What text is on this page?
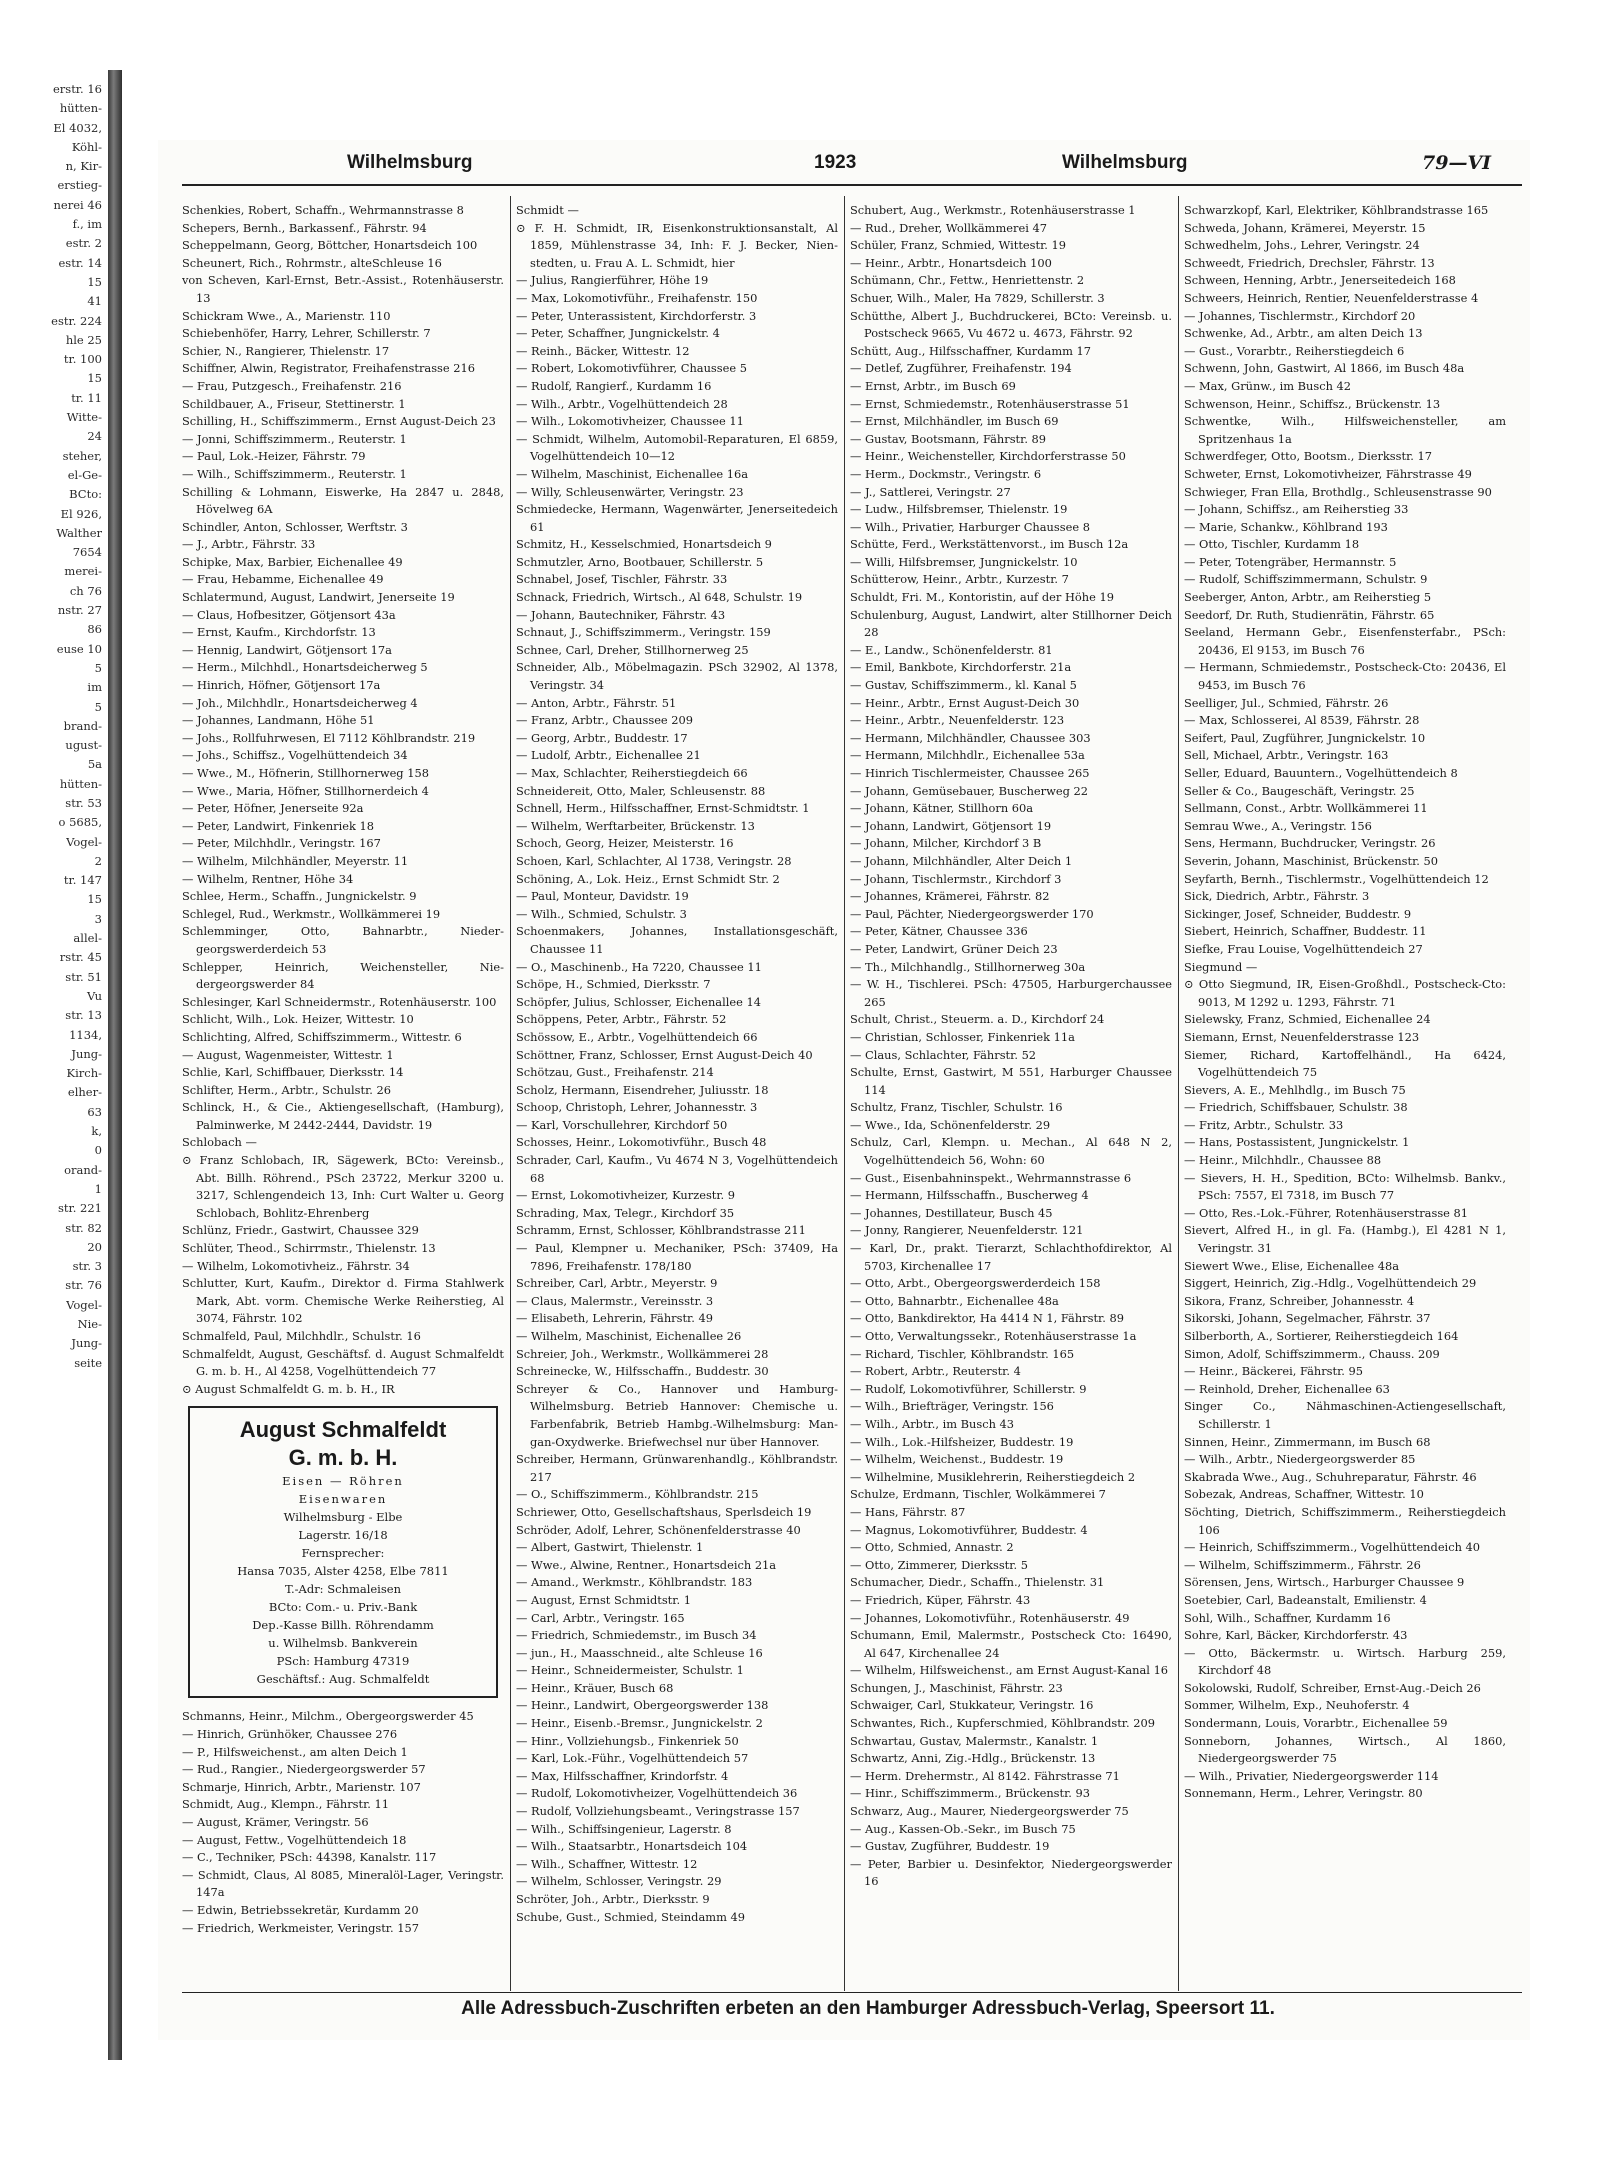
erstr. 16
hütten-
El 4032,
Köhl-
n, Kir-
erstieg-
nerei 46
f., im
estr. 2
estr. 14
15
41
estr. 224
hle 25
tr. 100
15
tr. 11
Witte-
24
steher,
el-Ge-
BCto:
El 926,
Walther
7654
merei-
ch 76
nstr. 27
86
euse 10
5
im
5
brand-
ugust-
5a
hütten-
str. 53
o 5685,
Vogel-
2
tr. 147
15
3
allel-
rstr. 45
str. 51
Vu
str. 13
1134,
Jung-
Kirch-
elher-
63
k,
0
orand-
1
str. 221
str. 82
20
str. 3
str. 76
Vogel-
Nie-
Jung-
seite
Wilhelmsburg	1923	Wilhelmsburg	79—VI
Schenkies, Robert, Schaffn., Wehrmannstrasse 8
Schepers, Bernh., Barkassenf., Fährstr. 94
Scheppelmann, Georg, Böttcher, Honartsdeich 100
Scheunert, Rich., Rohrmstr., alteSchleuse 16
von Scheven, Karl-Ernst, Betr.-Assist., Rotenhäuserstr. 13
Schickram Wwe., A., Marienstr. 110
Schiebenhöfer, Harry, Lehrer, Schillerstr. 7
Schier, N., Rangierer, Thielenstr. 17
Schiffner, Alwin, Registrator, Freihafenstrasse 216
— Frau, Putzgesch., Freihafenstr. 216
Schildbauer, A., Friseur, Stettinerstr. 1
Schilling, H., Schiffszimmerm., Ernst August-Deich 23
— Jonni, Schiffszimmerm., Reuterstr. 1
— Paul, Lok.-Heizer, Fährstr. 79
— Wilh., Schiffszimmerm., Reuterstr. 1
Schilling & Lohmann, Eiswerke, Ha 2847 u. 2848, Hövelweg 6A
Schindler, Anton, Schlosser, Werftstr. 3
— J., Arbtr., Fährstr. 33
Schipke, Max, Barbier, Eichenallee 49
— Frau, Hebamme, Eichenallee 49
Schlatermund, August, Landwirt, Jenerseite 19
— Claus, Hofbesitzer, Götjensort 43a
— Ernst, Kaufm., Kirchdorfstr. 13
— Hennig, Landwirt, Götjensort 17a
— Herm., Milchhdl., Honartsdeicherweg 5
— Hinrich, Höfner, Götjensort 17a
— Joh., Milchhdlr., Honartsdeicherweg 4
— Johannes, Landmann, Höhe 51
— Johs., Rollfuhrwesen, El 7112 Köhlbrandstr. 219
— Johs., Schiffsz., Vogelhüttendeich 34
— Wwe., M., Höfnerin, Stillhornerweg 158
— Wwe., Maria, Höfner, Stillhornerdeich 4
— Peter, Höfner, Jenerseite 92a
— Peter, Landwirt, Finkenriek 18
— Peter, Milchhdlr., Veringstr. 167
— Wilhelm, Milchhändler, Meyerstr. 11
— Wilhelm, Rentner, Höhe 34
Schlee, Herm., Schaffn., Jungnickelstr. 9
Schlegel, Rud., Werkmstr., Wollkämmerei 19
Schlemminger, Otto, Bahnarbtr., Niedergeorgswerderdeich 53
Schlepper, Heinrich, Weichensteller, Niedergeorgswerder 84
Schlesinger, Karl Schneidermstr., Rotenhäuserstr. 100
Schlicht, Wilh., Lok. Heizer, Wittestr. 10
Schlichting, Alfred, Schiffszimmerm., Wittestr. 6
— August, Wagenmeister, Wittestr. 1
Schlie, Karl, Schiffbauer, Dierksstr. 14
Schlifter, Herm., Arbtr., Schulstr. 26
Schlinck, H., & Cie., Aktiengesellschaft, (Hamburg), Palminwerke, M 2442-2444, Davidstr. 19
Schlobach —
⊙ Franz Schlobach, IR, Sägewerk, BCto: Vereinsb., Abt. Billh. Röhrend., PSch 23722, Merkur 3200 u. 3217, Schlengendeich 13, Inh: Curt Walter u. Georg Schlobach, Bohlitz-Ehrenberg
Schlünz, Friedr., Gastwirt, Chaussee 329
Schlüter, Theod., Schirrmstr., Thielenstr. 13
— Wilhelm, Lokomotivheiz., Fährstr. 34
Schlutter, Kurt, Kaufm., Direktor d. Firma Stahlwerk Mark, Abt. vorm. Chemische Werke Reiherstieg, Al 3074, Fährstr. 102
Schmalfeld, Paul, Milchhdlr., Schulstr. 16
Schmalfeldt, August, Geschäftsf. d. August Schmalfeldt G. m. b. H., Al 4258, Vogelhüttendeich 77
⊙ August Schmalfeldt G. m. b. H., IR
August Schmalfeldt
G. m. b. H.
Eisen — Röhren
Eisenwaren
Wilhelmsburg - Elbe
Lagerstr. 16/18
Fernsprecher:
Hansa 7035, Alster 4258, Elbe 7811
T.-Adr: Schmaleisen
BCto: Com.- u. Priv.-Bank
Dep.-Kasse Billh. Röhrendamm
u. Wilhelmsb. Bankverein
PSch: Hamburg 47319
Geschäftsf.: Aug. Schmalfeldt
Schmanns, Heinr., Milchm., Obergeorgswerder 45
— Hinrich, Grünhöker, Chaussee 276
— P., Hilfsweichenst., am alten Deich 1
— Rud., Rangier., Niedergeorgswerder 57
Schmarje, Hinrich, Arbtr., Marienstr. 107
Schmidt, Aug., Klempn., Fährstr. 11
— August, Krämer, Veringstr. 56
— August, Fettw., Vogelhüttendeich 18
— C., Techniker, PSch: 44398, Kanalstr. 117
— Schmidt, Claus, Al 8085, Mineralöl-Lager, Veringstr. 147a
— Edwin, Betriebssekretär, Kurdamm 20
— Friedrich, Werkmeister, Veringstr. 157
Schmidt —
⊙ F. H. Schmidt, IR, Eisenkonstruktionsanstalt, Al 1859, Mühlenstrasse 34, Inh: F. J. Becker, Nienstedten, u. Frau A. L. Schmidt, hier
— Julius, Rangierführer, Höhe 19
— Max, Lokomotivführ., Freihafenstr. 150
— Peter, Unterassistent, Kirchdorferstr. 3
— Peter, Schaffner, Jungnickelstr. 4
— Reinh., Bäcker, Wittestr. 12
— Robert, Lokomotivführer, Chaussee 5
— Rudolf, Rangierf., Kurdamm 16
— Wilh., Arbtr., Vogelhüttendeich 28
— Wilh., Lokomotivheizer, Chaussee 11
— Schmidt, Wilhelm, Automobil-Reparaturen, El 6859, Vogelhüttendeich 10—12
— Wilhelm, Maschinist, Eichenallee 16a
— Willy, Schleusenwärter, Veringstr. 23
Schmiedecke, Hermann, Wagenwärter, Jenerseitedeich 61
Schmitz, H., Kesselschmied, Honartsdeich 9
Schmutzler, Arno, Bootbauer, Schillerstr. 5
Schnabel, Josef, Tischler, Fährstr. 33
Schnack, Friedrich, Wirtsch., Al 648, Schulstr. 19
— Johann, Bautechniker, Fährstr. 43
Schnaut, J., Schiffszimmerm., Veringstr. 159
Schnee, Carl, Dreher, Stillhornerweg 25
Schneider, Alb., Möbelmagazin. PSch 32902, Al 1378, Veringstr. 34
— Anton, Arbtr., Fährstr. 51
— Franz, Arbtr., Chaussee 209
— Georg, Arbtr., Buddestr. 17
— Ludolf, Arbtr., Eichenallee 21
— Max, Schlachter, Reiherstiegdeich 66
Schneidereit, Otto, Maler, Schleusenstr. 88
Schnell, Herm., Hilfsschaffner, Ernst-Schmidtstr. 1
— Wilhelm, Werftarbeiter, Brückenstr. 13
Schoch, Georg, Heizer, Meisterstr. 16
Schoen, Karl, Schlachter, Al 1738, Veringstr. 28
Schöning, A., Lok. Heiz., Ernst Schmidt Str. 2
— Paul, Monteur, Davidstr. 19
— Wilh., Schmied, Schulstr. 3
Schoenmakers, Johannes, Installationsgeschäft, Chaussee 11
— O., Maschinenb., Ha 7220, Chaussee 11
Schöpe, H., Schmied, Dierksstr. 7
Schöpfer, Julius, Schlosser, Eichenallee 14
Schöppens, Peter, Arbtr., Fährstr. 52
Schössow, E., Arbtr., Vogelhüttendeich 66
Schöttner, Franz, Schlosser, Ernst August-Deich 40
Schötzau, Gust., Freihafenstr. 214
Scholz, Hermann, Eisendreher, Juliusstr. 18
Schoop, Christoph, Lehrer, Johannesstr. 3
— Karl, Vorschullehrer, Kirchdorf 50
Schosses, Heinr., Lokomotivführ., Busch 48
Schrader, Carl, Kaufm., Vu 4674 N 3, Vogelhüttendeich 68
— Ernst, Lokomotivheizer, Kurzestr. 9
Schrading, Max, Telegr., Kirchdorf 35
Schramm, Ernst, Schlosser, Köhlbrandstrasse 211
— Paul, Klempner u. Mechaniker, PSch: 37409, Ha 7896, Freihafenstr. 178/180
Schreiber, Carl, Arbtr., Meyerstr. 9
— Claus, Malermstr., Vereinsstr. 3
— Elisabeth, Lehrerin, Fährstr. 49
— Wilhelm, Maschinist, Eichenallee 26
Schreier, Joh., Werkmstr., Wollkämmerei 28
Schreinecke, W., Hilfsschaffn., Buddestr. 30
Schreyer & Co., Hannover und Hamburg-Wilhelmsburg. Betrieb Hannover: Chemische u. Farbenfabrik, Betrieb Hambg.-Wilhelmsburg: Mangan-Oxydwerke. Briefwechsel nur über Hannover.
Schreiber, Hermann, Grünwarenhandlg., Köhlbrandstr. 217
— O., Schiffszimmerm., Köhlbrandstr. 215
Schriewer, Otto, Gesellschaftshaus, Sperlsdeich 19
Schröder, Adolf, Lehrer, Schönenfelderstrasse 40
— Albert, Gastwirt, Thielenstr. 1
— Wwe., Alwine, Rentner., Honartsdeich 21a
— Amand., Werkmstr., Köhlbrandstr. 183
— August, Ernst Schmidtstr. 1
— Carl, Arbtr., Veringstr. 165
— Friedrich, Schmiedemstr., im Busch 34
— jun., H., Maasschneid., alte Schleuse 16
— Heinr., Schneidermeister, Schulstr. 1
— Heinr., Kräuer, Busch 68
— Heinr., Landwirt, Obergeorgswerder 138
— Heinr., Eisenb.-Bremsr., Jungnickelstr. 2
— Hinr., Vollziehungsb., Finkenriek 50
— Karl, Lok.-Führ., Vogelhüttendeich 57
— Max, Hilfsschaffner, Krindorfstr. 4
— Rudolf, Lokomotivheizer, Vogelhüttendeich 36
— Rudolf, Vollziehungsbeamt., Veringstrasse 157
— Wilh., Schiffsingenieur, Lagerstr. 8
— Wilh., Staatsarbtr., Honartsdeich 104
— Wilh., Schaffner, Wittestr. 12
— Wilhelm, Schlosser, Veringstr. 29
Schröter, Joh., Arbtr., Dierksstr. 9
Schube, Gust., Schmied, Steindamm 49
Schubert, Aug., Werkmstr., Rotenhäuserstrasse 1
— Rud., Dreher, Wollkämmerei 47
Schüler, Franz, Schmied, Wittestr. 19
— Heinr., Arbtr., Honartsdeich 100
Schümann, Chr., Fettw., Henriettenstr. 2
Schuer, Wilh., Maler, Ha 7829, Schillerstr. 3
Schütthe, Albert J., Buchdruckerei, BCto: Vereinsb. u. Postscheck 9665, Vu 4672 u. 4673, Fährstr. 92
Schütt, Aug., Hilfsschaffner, Kurdamm 17
— Detlef, Zugführer, Freihafenstr. 194
— Ernst, Arbtr., im Busch 69
— Ernst, Schmiedemstr., Rotenhäuserstrasse 51
— Ernst, Milchhändler, im Busch 69
— Gustav, Bootsmann, Fährstr. 89
— Heinr., Weichensteller, Kirchdorferstrasse 50
— Herm., Dockmstr., Veringstr. 6
— J., Sattlerei, Veringstr. 27
— Ludw., Hilfsbremser, Thielenstr. 19
— Wilh., Privatier, Harburger Chaussee 8
Schütte, Ferd., Werkstättenvorst., im Busch 12a
— Willi, Hilfsbremser, Jungnickelstr. 10
Schütterow, Heinr., Arbtr., Kurzestr. 7
Schuldt, Fri. M., Kontoristin, auf der Höhe 19
Schulenburg, August, Landwirt, alter Stillhorner Deich 28
— E., Landw., Schönenfelderstr. 81
— Emil, Bankbote, Kirchdorferstr. 21a
— Gustav, Schiffszimmerm., kl. Kanal 5
— Heinr., Arbtr., Ernst August-Deich 30
— Heinr., Arbtr., Neuenfelderstr. 123
— Hermann, Milchhändler, Chaussee 303
— Hermann, Milchhdlr., Eichenallee 53a
— Hinrich Tischlermeister, Chaussee 265
— Johann, Gemüsebauer, Buscherweg 22
— Johann, Kätner, Stillhorn 60a
— Johann, Landwirt, Götjensort 19
— Johann, Milcher, Kirchdorf 3 B
— Johann, Milchhändler, Alter Deich 1
— Johann, Tischlermstr., Kirchdorf 3
— Johannes, Krämerei, Fährstr. 82
— Paul, Pächter, Niedergeorgswerder 170
— Peter, Kätner, Chaussee 336
— Peter, Landwirt, Grüner Deich 23
— Th., Milchhandlg., Stillhornerweg 30a
— W. H., Tischlerei. PSch: 47505, Harburgerchaussee 265
Schult, Christ., Steuerm. a. D., Kirchdorf 24
— Christian, Schlosser, Finkenriek 11a
— Claus, Schlachter, Fährstr. 52
Schulte, Ernst, Gastwirt, M 551, Harburger Chaussee 114
Schultz, Franz, Tischler, Schulstr. 16
— Wwe., Ida, Schönenfelderstr. 29
Schulz, Carl, Klempn. u. Mechan., Al 648 N 2, Vogelhüttendeich 56, Wohn: 60
— Gust., Eisenbahninspekt., Wehrmannstrasse 6
— Hermann, Hilfsschaffn., Buscherweg 4
— Johannes, Destillateur, Busch 45
— Jonny, Rangierer, Neuenfelderstr. 121
— Karl, Dr., prakt. Tierarzt, Schlachthofdirektor, Al 5703, Kirchenallee 17
— Otto, Arbt., Obergeorgswerderdeich 158
— Otto, Bahnarbtr., Eichenallee 48a
— Otto, Bankdirektor, Ha 4414 N 1, Fährstr. 89
— Otto, Verwaltungssekr., Rotenhäuserstrasse 1a
— Richard, Tischler, Köhlbrandstr. 165
— Robert, Arbtr., Reuterstr. 4
— Rudolf, Lokomotivführer, Schillerstr. 9
— Wilh., Briefträger, Veringstr. 156
— Wilh., Arbtr., im Busch 43
— Wilh., Lok.-Hilfsheizer, Buddestr. 19
— Wilhelm, Weichenst., Buddestr. 19
— Wilhelmine, Musiklehrerin, Reiherstiegdeich 2
Schulze, Erdmann, Tischler, Wolkämmerei 7
— Hans, Fährstr. 87
— Magnus, Lokomotivführer, Buddestr. 4
— Otto, Schmied, Annastr. 2
— Otto, Zimmerer, Dierksstr. 5
Schumacher, Diedr., Schaffn., Thielenstr. 31
— Friedrich, Küper, Fährstr. 43
— Johannes, Lokomotivführ., Rotenhäuserstr. 49
Schumann, Emil, Malermstr., Postscheck Cto: 16490, Al 647, Kirchenallee 24
— Wilhelm, Hilfsweichenst., am Ernst August-Kanal 16
Schungen, J., Maschinist, Fährstr. 23
Schwaiger, Carl, Stukkateur, Veringstr. 16
Schwantes, Rich., Kupferschmied, Köhlbrandstr. 209
Schwartau, Gustav, Malermstr., Kanalstr. 1
Schwartz, Anni, Zig.-Hdlg., Brückenstr. 13
— Herm. Drehermstr., Al 8142. Fährstrasse 71
— Hinr., Schiffszimmerm., Brückenstr. 93
Schwarz, Aug., Maurer, Niedergeorgswerder 75
— Aug., Kassen-Ob.-Sekr., im Busch 75
— Gustav, Zugführer, Buddestr. 19
— Peter, Barbier u. Desinfektor, Niedergeorgswerder 16
Schwarzkopf, Karl, Elektriker, Köhlbrandstrasse 165
Schweda, Johann, Krämerei, Meyerstr. 15
Schwedhelm, Johs., Lehrer, Veringstr. 24
Schweedt, Friedrich, Drechsler, Fährstr. 13
Schween, Henning, Arbtr., Jenerseitedeich 168
Schweers, Heinrich, Rentier, Neuenfelderstrasse 4
— Johannes, Tischlermstr., Kirchdorf 20
Schwenke, Ad., Arbtr., am alten Deich 13
— Gust., Vorarbtr., Reiherstiegdeich 6
Schwenn, John, Gastwirt, Al 1866, im Busch 48a
— Max, Grünw., im Busch 42
Schwenson, Heinr., Schiffsz., Brückenstr. 13
Schwentke, Wilh., Hilfsweichensteller, am Spritzenhaus 1a
Schwerdfeger, Otto, Bootsm., Dierksstr. 17
Schweter, Ernst, Lokomotivheizer, Fährstrasse 49
Schwieger, Fran Ella, Brothdlg., Schleusenstrasse 90
— Johann, Schiffsz., am Reiherstieg 33
— Marie, Schankw., Köhlbrand 193
— Otto, Tischler, Kurdamm 18
— Peter, Totengräber, Hermannstr. 5
— Rudolf, Schiffszimmermann, Schulstr. 9
Seeberger, Anton, Arbtr., am Reiherstieg 5
Seedorf, Dr. Ruth, Studienrätin, Fährstr. 65
Seeland, Hermann Gebr., Eisenfensterfabr., PSch: 20436, El 9153, im Busch 76
— Hermann, Schmiedemstr., Postscheck-Cto: 20436, El 9453, im Busch 76
Seelliger, Jul., Schmied, Fährstr. 26
— Max, Schlosserei, Al 8539, Fährstr. 28
Seifert, Paul, Zugführer, Jungnickelstr. 10
Sell, Michael, Arbtr., Veringstr. 163
Seller, Eduard, Bauuntern., Vogelhüttendeich 8
Seller & Co., Baugeschäft, Veringstr. 25
Sellmann, Const., Arbtr. Wollkämmerei 11
Semrau Wwe., A., Veringstr. 156
Sens, Hermann, Buchdrucker, Veringstr. 26
Severin, Johann, Maschinist, Brückenstr. 50
Seyfarth, Bernh., Tischlermstr., Vogelhüttendeich 12
Sick, Diedrich, Arbtr., Fährstr. 3
Sickinger, Josef, Schneider, Buddestr. 9
Siebert, Heinrich, Schaffner, Buddestr. 11
Siefke, Frau Louise, Vogelhüttendeich 27
Siegmund —
⊙ Otto Siegmund, IR, Eisen-Großhdl., Postscheck-Cto: 9013, M 1292 u. 1293, Fährstr. 71
Sielewsky, Franz, Schmied, Eichenallee 24
Siemann, Ernst, Neuenfelderstrasse 123
Siemer, Richard, Kartoffelhändl., Ha 6424, Vogelhüttendeich 75
Sievers, A. E., Mehlhdlg., im Busch 75
— Friedrich, Schiffsbauer, Schulstr. 38
— Fritz, Arbtr., Schulstr. 33
— Hans, Postassistent, Jungnickelstr. 1
— Heinr., Milchhdlr., Chaussee 88
— Sievers, H. H., Spedition, BCto: Wilhelmsb. Bankv., PSch: 7557, El 7318, im Busch 77
— Otto, Res.-Lok.-Führer, Rotenhäuserstrasse 81
Sievert, Alfred H., in gl. Fa. (Hambg.), El 4281 N 1, Veringstr. 31
Siewert Wwe., Elise, Eichenallee 48a
Siggert, Heinrich, Zig.-Hdlg., Vogelhüttendeich 29
Sikora, Franz, Schreiber, Johannesstr. 4
Sikorski, Johann, Segelmacher, Fährstr. 37
Silberborth, A., Sortierer, Reiherstiegdeich 164
Simon, Adolf, Schiffszimmerm., Chauss. 209
— Heinr., Bäckerei, Fährstr. 95
— Reinhold, Dreher, Eichenallee 63
Singer Co., Nähmaschinen-Actiengesellschaft, Schillerstr. 1
Sinnen, Heinr., Zimmermann, im Busch 68
— Wilh., Arbtr., Niedergeorgswerder 85
Skabrada Wwe., Aug., Schuhreparatur, Fährstr. 46
Sobezak, Andreas, Schaffner, Wittestr. 10
Söchting, Dietrich, Schiffszimmerm., Reiherstiegdeich 106
— Heinrich, Schiffszimmerm., Vogelhüttendeich 40
— Wilhelm, Schiffszimmerm., Fährstr. 26
Sörensen, Jens, Wirtsch., Harburger Chaussee 9
Soetebier, Carl, Badeanstalt, Emilienstr. 4
Sohl, Wilh., Schaffner, Kurdamm 16
Sohre, Karl, Bäcker, Kirchdorferstr. 43
— Otto, Bäckermstr. u. Wirtsch. Harburg 259, Kirchdorf 48
Sokolowski, Rudolf, Schreiber, Ernst-Aug.-Deich 26
Sommer, Wilhelm, Exp., Neuhoferstr. 4
Sondermann, Louis, Vorarbtr., Eichenallee 59
Sonneborn, Johannes, Wirtsch., Al 1860, Niedergeorgswerder 75
— Wilh., Privatier, Niedergeorgswerder 114
Sonnemann, Herm., Lehrer, Veringstr. 80
Alle Adressbuch-Zuschriften erbeten an den Hamburger Adressbuch-Verlag, Speersort 11.
